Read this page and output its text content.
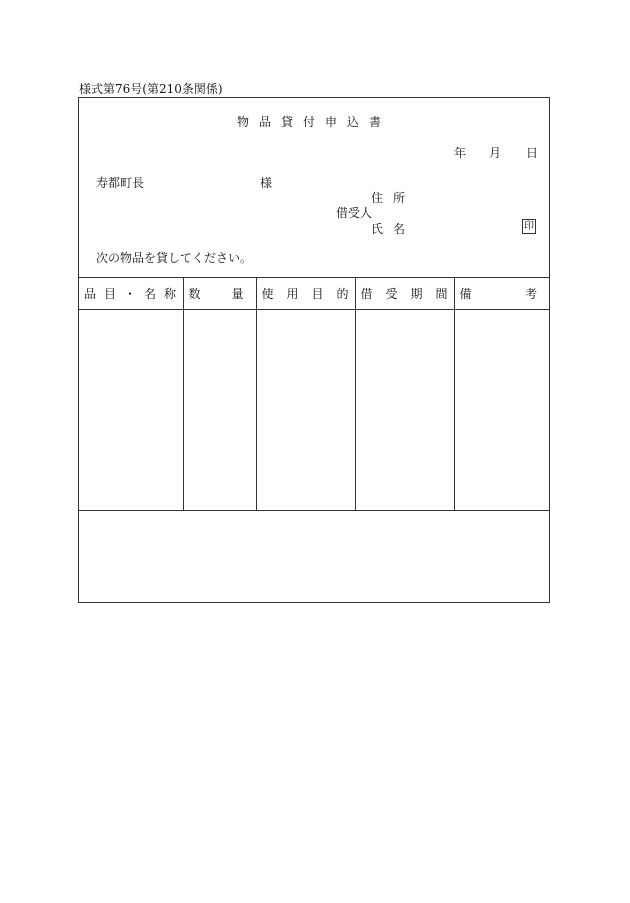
様式第76号(第210条関係)
物品貸付申込書
年 月 日
寿都町長	様
住所
借受人
氏名	印
次の物品を貸してください。
品目・名称	数 量	使用目的	借受期間	備 考
